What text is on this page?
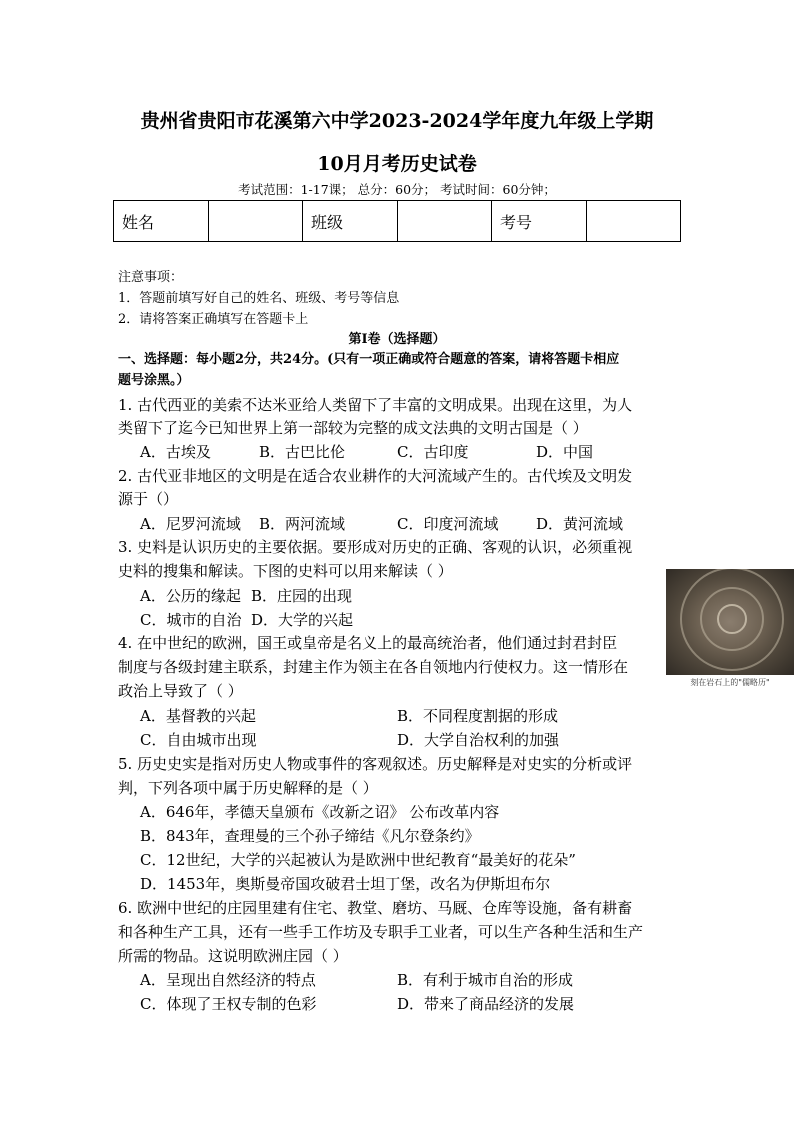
贵州省贵阳市花溪第六中学2023-2024学年度九年级上学期
10月月考历史试卷
考试范围：1-17课； 总分：60分； 考试时间：60分钟；
姓名		班级		考号	
注意事项：
1．答题前填写好自己的姓名、班级、考号等信息
2．请将答案正确填写在答题卡上
第Ⅰ卷（选择题）
一、选择题：每小题2分，共24分。(只有一项正确或符合题意的答案，请将答题卡相应
题号涂黑。）
1. 古代西亚的美索不达米亚给人类留下了丰富的文明成果。出现在这里，为人
类留下了迄今已知世界上第一部较为完整的成文法典的文明古国是（ ）
A．古埃及	B．古巴比伦	C．古印度	D．中国
2. 古代亚非地区的文明是在适合农业耕作的大河流域产生的。古代埃及文明发
源于（）
A．尼罗河流域 B．两河流域	C．印度河流域	D．黄河流域
3. 史料是认识历史的主要依据。要形成对历史的正确、客观的认识，必须重视
史料的搜集和解读。下图的史料可以用来解读（ ）
A．公历的缘起 B．庄园的出现
C．城市的自治 D．大学的兴起
刻在岩石上的"儒略历"
4. 在中世纪的欧洲，国王或皇帝是名义上的最高统治者，他们通过封君封臣
制度与各级封建主联系，封建主作为领主在各自领地内行使权力。这一情形在
政治上导致了（ ）
A．基督教的兴起	B．不同程度割据的形成
C．自由城市出现	D．大学自治权利的加强
5. 历史史实是指对历史人物或事件的客观叙述。历史解释是对史实的分析或评
判，下列各项中属于历史解释的是（ ）
A．646年，孝德天皇颁布《改新之诏》 公布改革内容
B．843年，查理曼的三个孙子缔结《凡尔登条约》
C．12世纪，大学的兴起被认为是欧洲中世纪教育“最美好的花朵”
D．1453年，奥斯曼帝国攻破君士坦丁堡，改名为伊斯坦布尔
6. 欧洲中世纪的庄园里建有住宅、教堂、磨坊、马厩、仓库等设施，备有耕畜
和各种生产工具，还有一些手工作坊及专职手工业者，可以生产各种生活和生产
所需的物品。这说明欧洲庄园（ ）
A．呈现出自然经济的特点	B．有利于城市自治的形成
C．体现了王权专制的色彩	D．带来了商品经济的发展
